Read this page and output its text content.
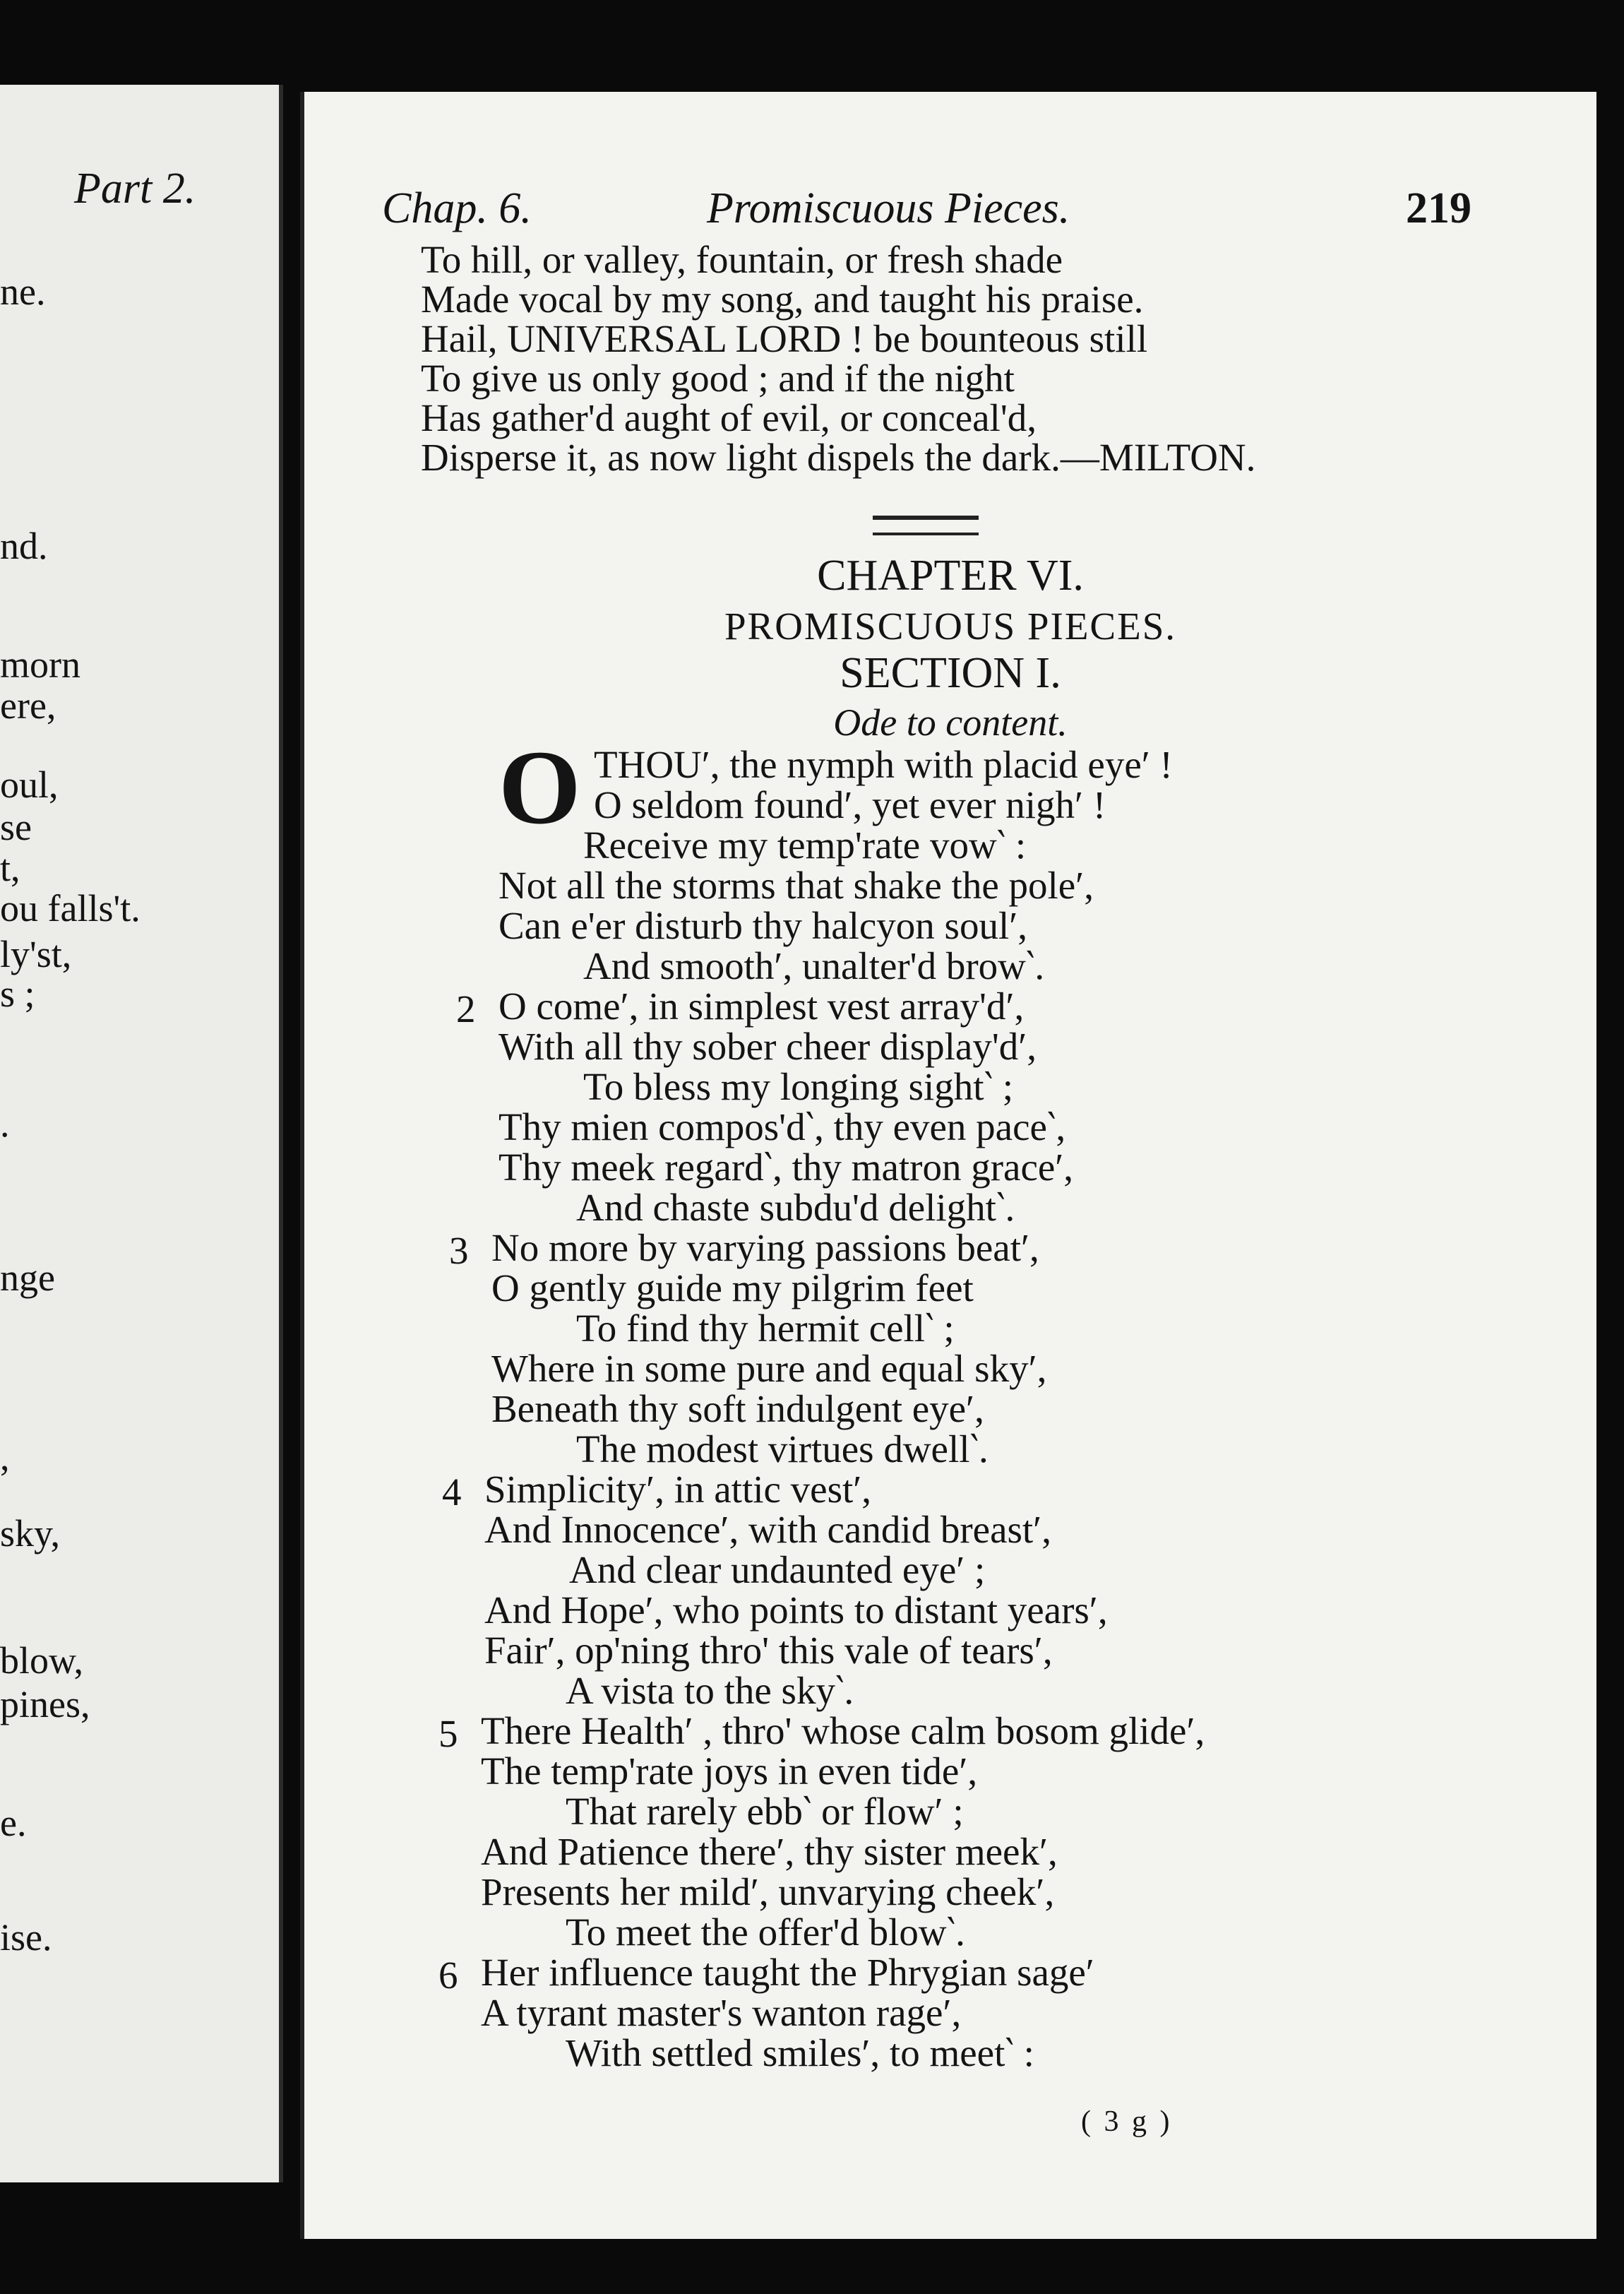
Part 2.
ne.
nd.
morn
ere,
oul,
se
t,
ou falls't.
ly'st,
s ;
.
nge
,
sky,
blow,
pines,
e.
ise.
Chap. 6.	Promiscuous Pieces.	219
To hill, or valley, fountain, or fresh shade
Made vocal by my song, and taught his praise.
Hail, UNIVERSAL LORD ! be bounteous still
To give us only good ; and if the night
Has gather'd aught of evil, or conceal'd,
Disperse it, as now light dispels the dark.—MILTON.
CHAPTER VI.
PROMISCUOUS PIECES.
SECTION I.
Ode to content.
O THOU′, the nymph with placid eye′ !
O seldom found′, yet ever nigh′ !
Receive my temp'rate vow‵ :
Not all the storms that shake the pole′,
Can e'er disturb thy halcyon soul′,
And smooth′, unalter'd brow‵.
2 O come′, in simplest vest array'd′,
With all thy sober cheer display'd′,
To bless my longing sight‵ ;
Thy mien compos'd‵, thy even pace‵,
Thy meek regard‵, thy matron grace′,
And chaste subdu'd delight‵.
3 No more by varying passions beat′,
O gently guide my pilgrim feet
To find thy hermit cell‵ ;
Where in some pure and equal sky′,
Beneath thy soft indulgent eye′,
The modest virtues dwell‵.
4 Simplicity′, in attic vest′,
And Innocence′, with candid breast′,
And clear undaunted eye′ ;
And Hope′, who points to distant years′,
Fair′, op'ning thro' this vale of tears′,
A vista to the sky‵.
5 There Health′ , thro' whose calm bosom glide′,
The temp'rate joys in even tide′,
That rarely ebb‵ or flow′ ;
And Patience there′, thy sister meek′,
Presents her mild′, unvarying cheek′,
To meet the offer'd blow‵.
6 Her influence taught the Phrygian sage′
A tyrant master's wanton rage′,
With settled smiles′, to meet‵ :
( 3 g )
